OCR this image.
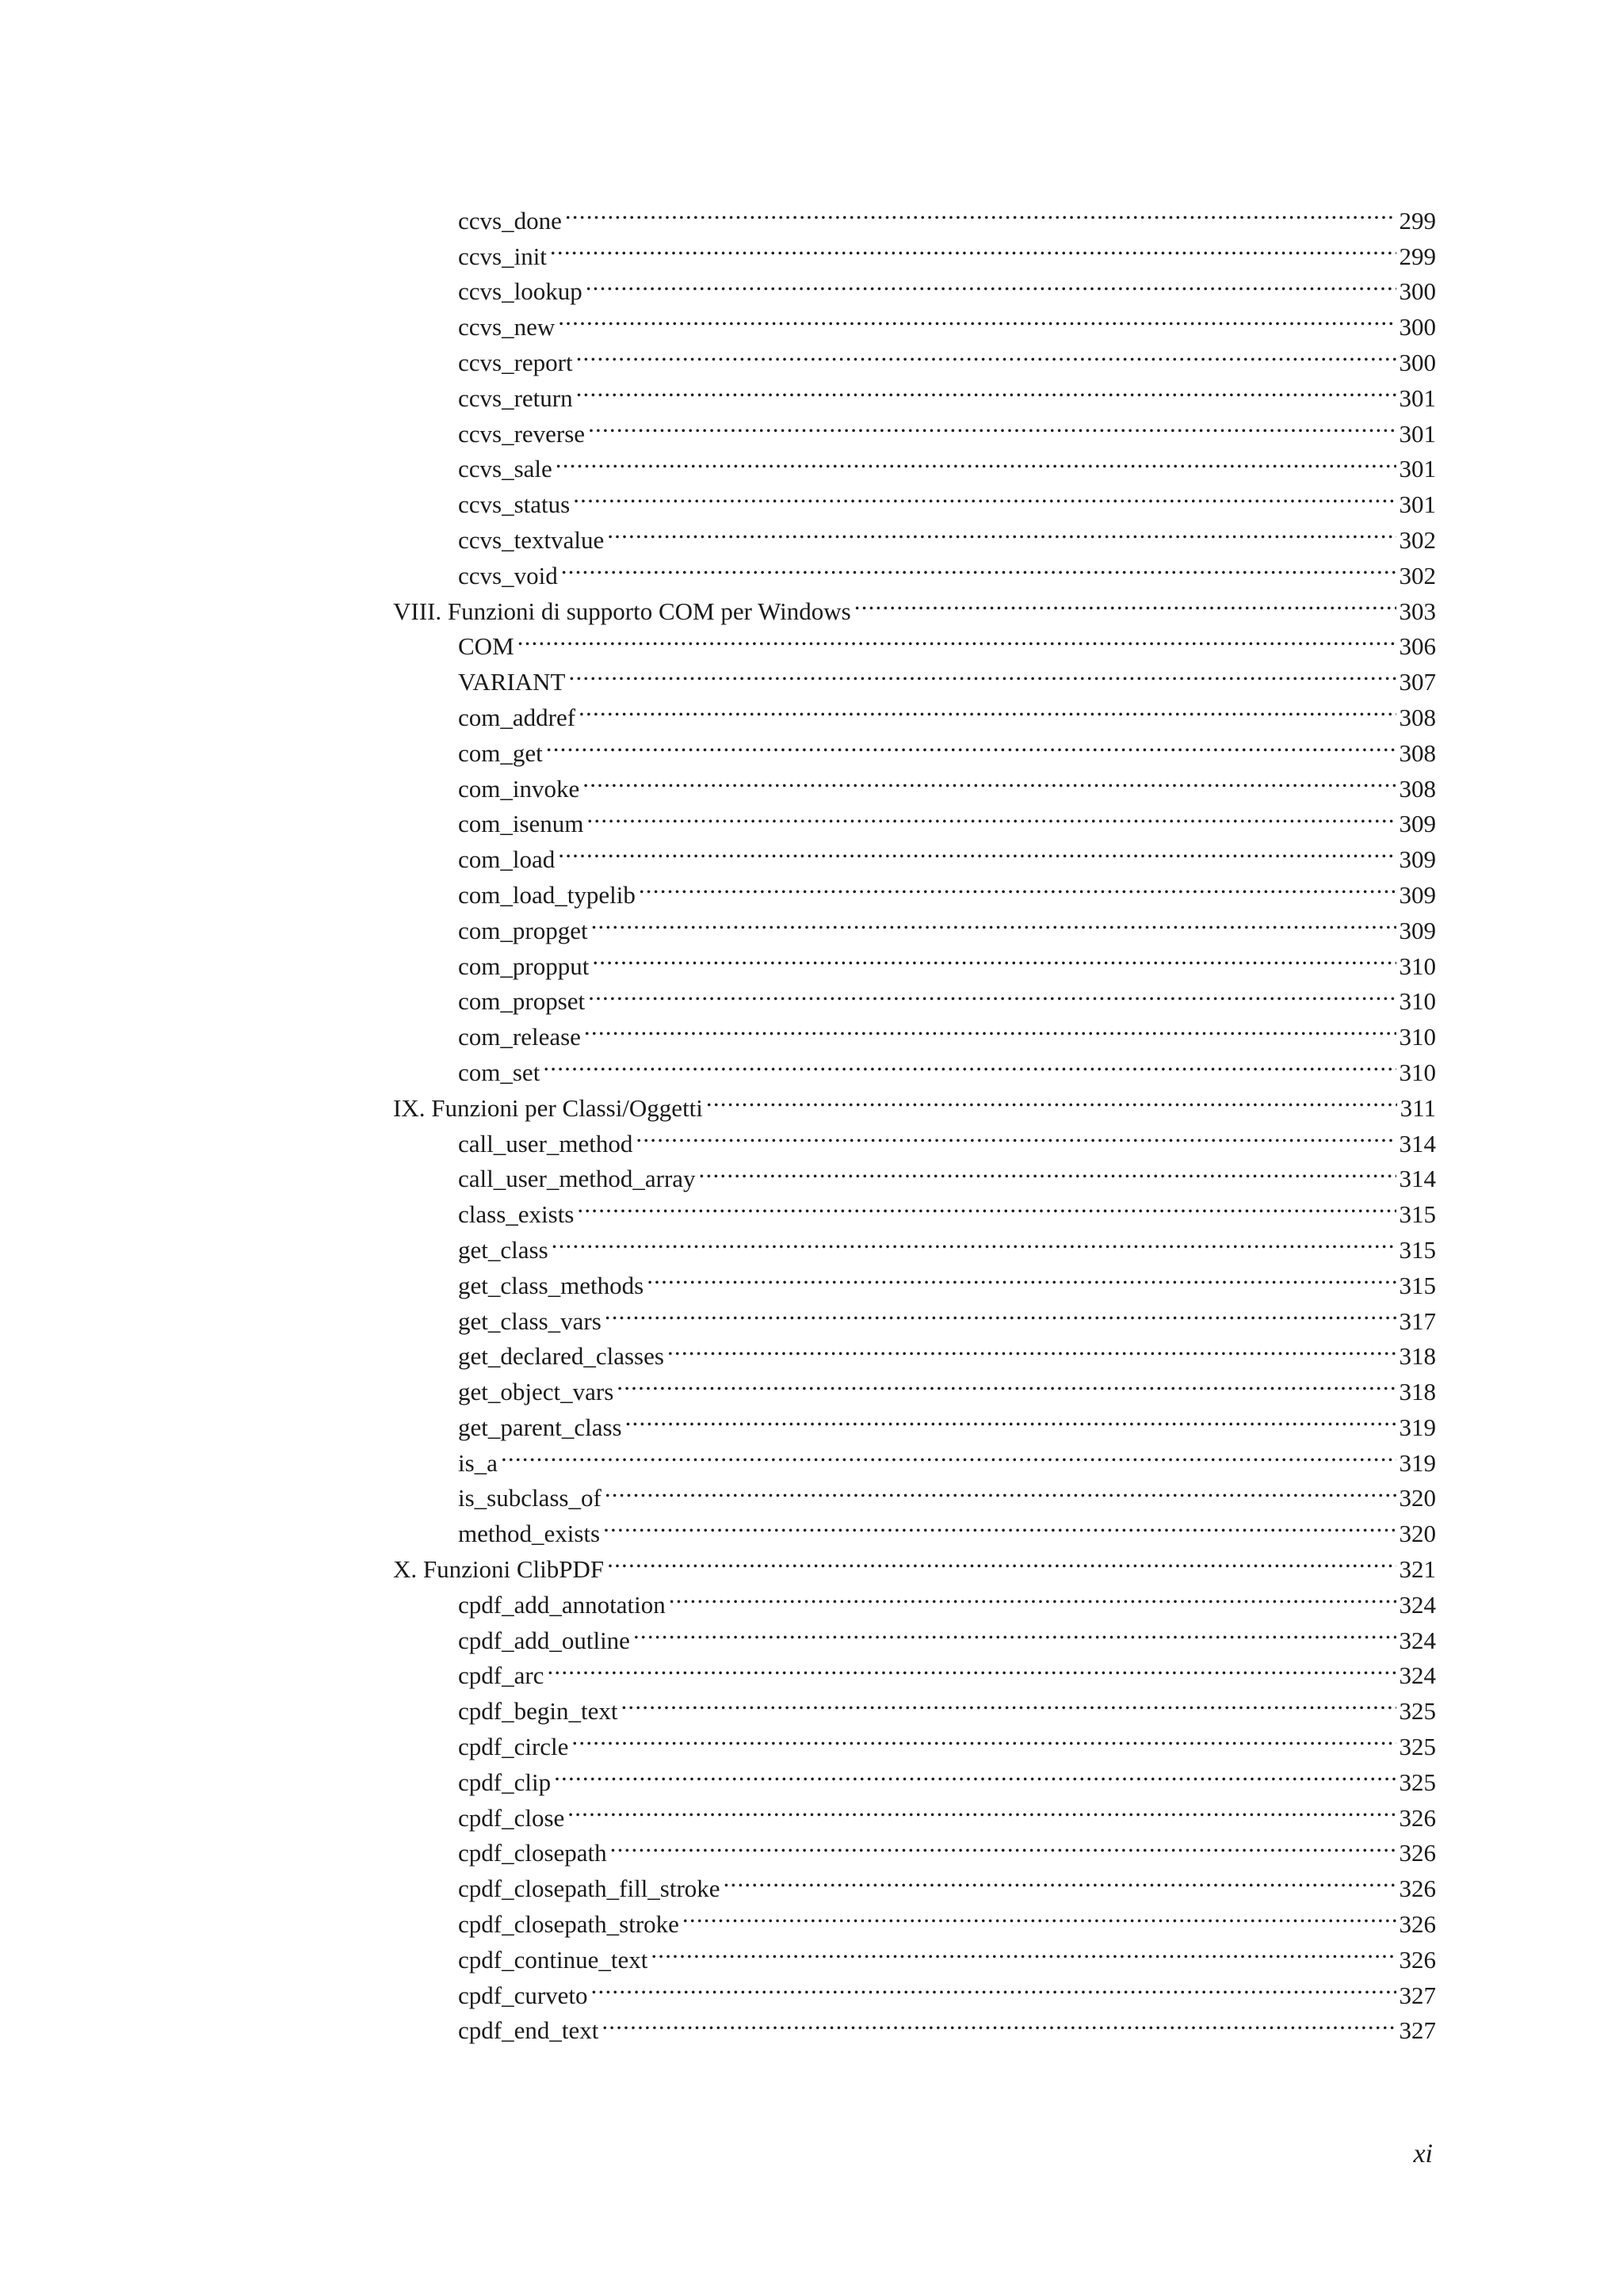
ccvs_done .....	299
ccvs_init .....	299
ccvs_lookup .....	300
ccvs_new .....	300
ccvs_report .....	300
ccvs_return .....	301
ccvs_reverse .....	301
ccvs_sale .....	301
ccvs_status .....	301
ccvs_textvalue .....	302
ccvs_void .....	302
VIII. Funzioni di supporto COM per Windows .....	303
COM .....	306
VARIANT .....	307
com_addref .....	308
com_get .....	308
com_invoke .....	308
com_isenum .....	309
com_load .....	309
com_load_typelib .....	309
com_propget .....	309
com_propput .....	310
com_propset .....	310
com_release .....	310
com_set .....	310
IX. Funzioni per Classi/Oggetti .....	311
call_user_method .....	314
call_user_method_array .....	314
class_exists .....	315
get_class .....	315
get_class_methods .....	315
get_class_vars .....	317
get_declared_classes .....	318
get_object_vars .....	318
get_parent_class .....	319
is_a .....	319
is_subclass_of .....	320
method_exists .....	320
X. Funzioni ClibPDF .....	321
cpdf_add_annotation .....	324
cpdf_add_outline .....	324
cpdf_arc .....	324
cpdf_begin_text .....	325
cpdf_circle .....	325
cpdf_clip .....	325
cpdf_close .....	326
cpdf_closepath .....	326
cpdf_closepath_fill_stroke .....	326
cpdf_closepath_stroke .....	326
cpdf_continue_text .....	326
cpdf_curveto .....	327
cpdf_end_text .....	327
xi
